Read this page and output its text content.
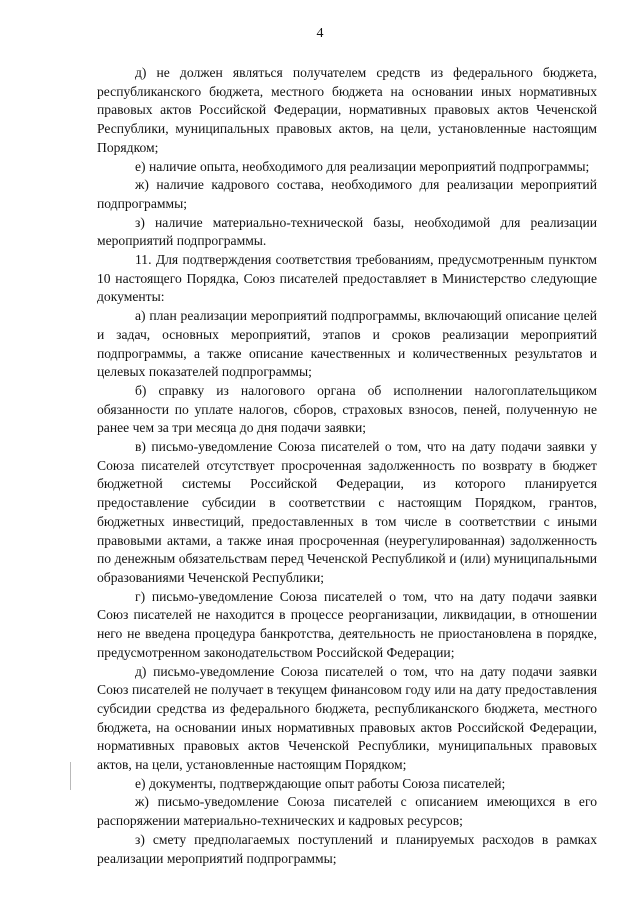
4

д) не должен являться получателем средств из федерального бюджета, республиканского бюджета, местного бюджета на основании иных нормативных правовых актов Российской Федерации, нормативных правовых актов Чеченской Республики, муниципальных правовых актов, на цели, установленные настоящим Порядком;

е) наличие опыта, необходимого для реализации мероприятий подпрограммы;

ж) наличие кадрового состава, необходимого для реализации мероприятий подпрограммы;

з) наличие материально-технической базы, необходимой для реализации мероприятий подпрограммы.

11. Для подтверждения соответствия требованиям, предусмотренным пунктом 10 настоящего Порядка, Союз писателей предоставляет в Министерство следующие документы:

а) план реализации мероприятий подпрограммы, включающий описание целей и задач, основных мероприятий, этапов и сроков реализации мероприятий подпрограммы, а также описание качественных и количественных результатов и целевых показателей подпрограммы;

б) справку из налогового органа об исполнении налогоплательщиком обязанности по уплате налогов, сборов, страховых взносов, пеней, полученную не ранее чем за три месяца до дня подачи заявки;

в) письмо-уведомление Союза писателей о том, что на дату подачи заявки у Союза писателей отсутствует просроченная задолженность по возврату в бюджет бюджетной системы Российской Федерации, из которого планируется предоставление субсидии в соответствии с настоящим Порядком, грантов, бюджетных инвестиций, предоставленных в том числе в соответствии с иными правовыми актами, а также иная просроченная (неурегулированная) задолженность по денежным обязательствам перед Чеченской Республикой и (или) муниципальными образованиями Чеченской Республики;

г) письмо-уведомление Союза писателей о том, что на дату подачи заявки Союз писателей не находится в процессе реорганизации, ликвидации, в отношении него не введена процедура банкротства, деятельность не приостановлена в порядке, предусмотренном законодательством Российской Федерации;

д) письмо-уведомление Союза писателей о том, что на дату подачи заявки Союз писателей не получает в текущем финансовом году или на дату предоставления субсидии средства из федерального бюджета, республиканского бюджета, местного бюджета, на основании иных нормативных правовых актов Российской Федерации, нормативных правовых актов Чеченской Республики, муниципальных правовых актов, на цели, установленные настоящим Порядком;

е) документы, подтверждающие опыт работы Союза писателей;

ж) письмо-уведомление Союза писателей с описанием имеющихся в его распоряжении материально-технических и кадровых ресурсов;

з) смету предполагаемых поступлений и планируемых расходов в рамках реализации мероприятий подпрограммы;
